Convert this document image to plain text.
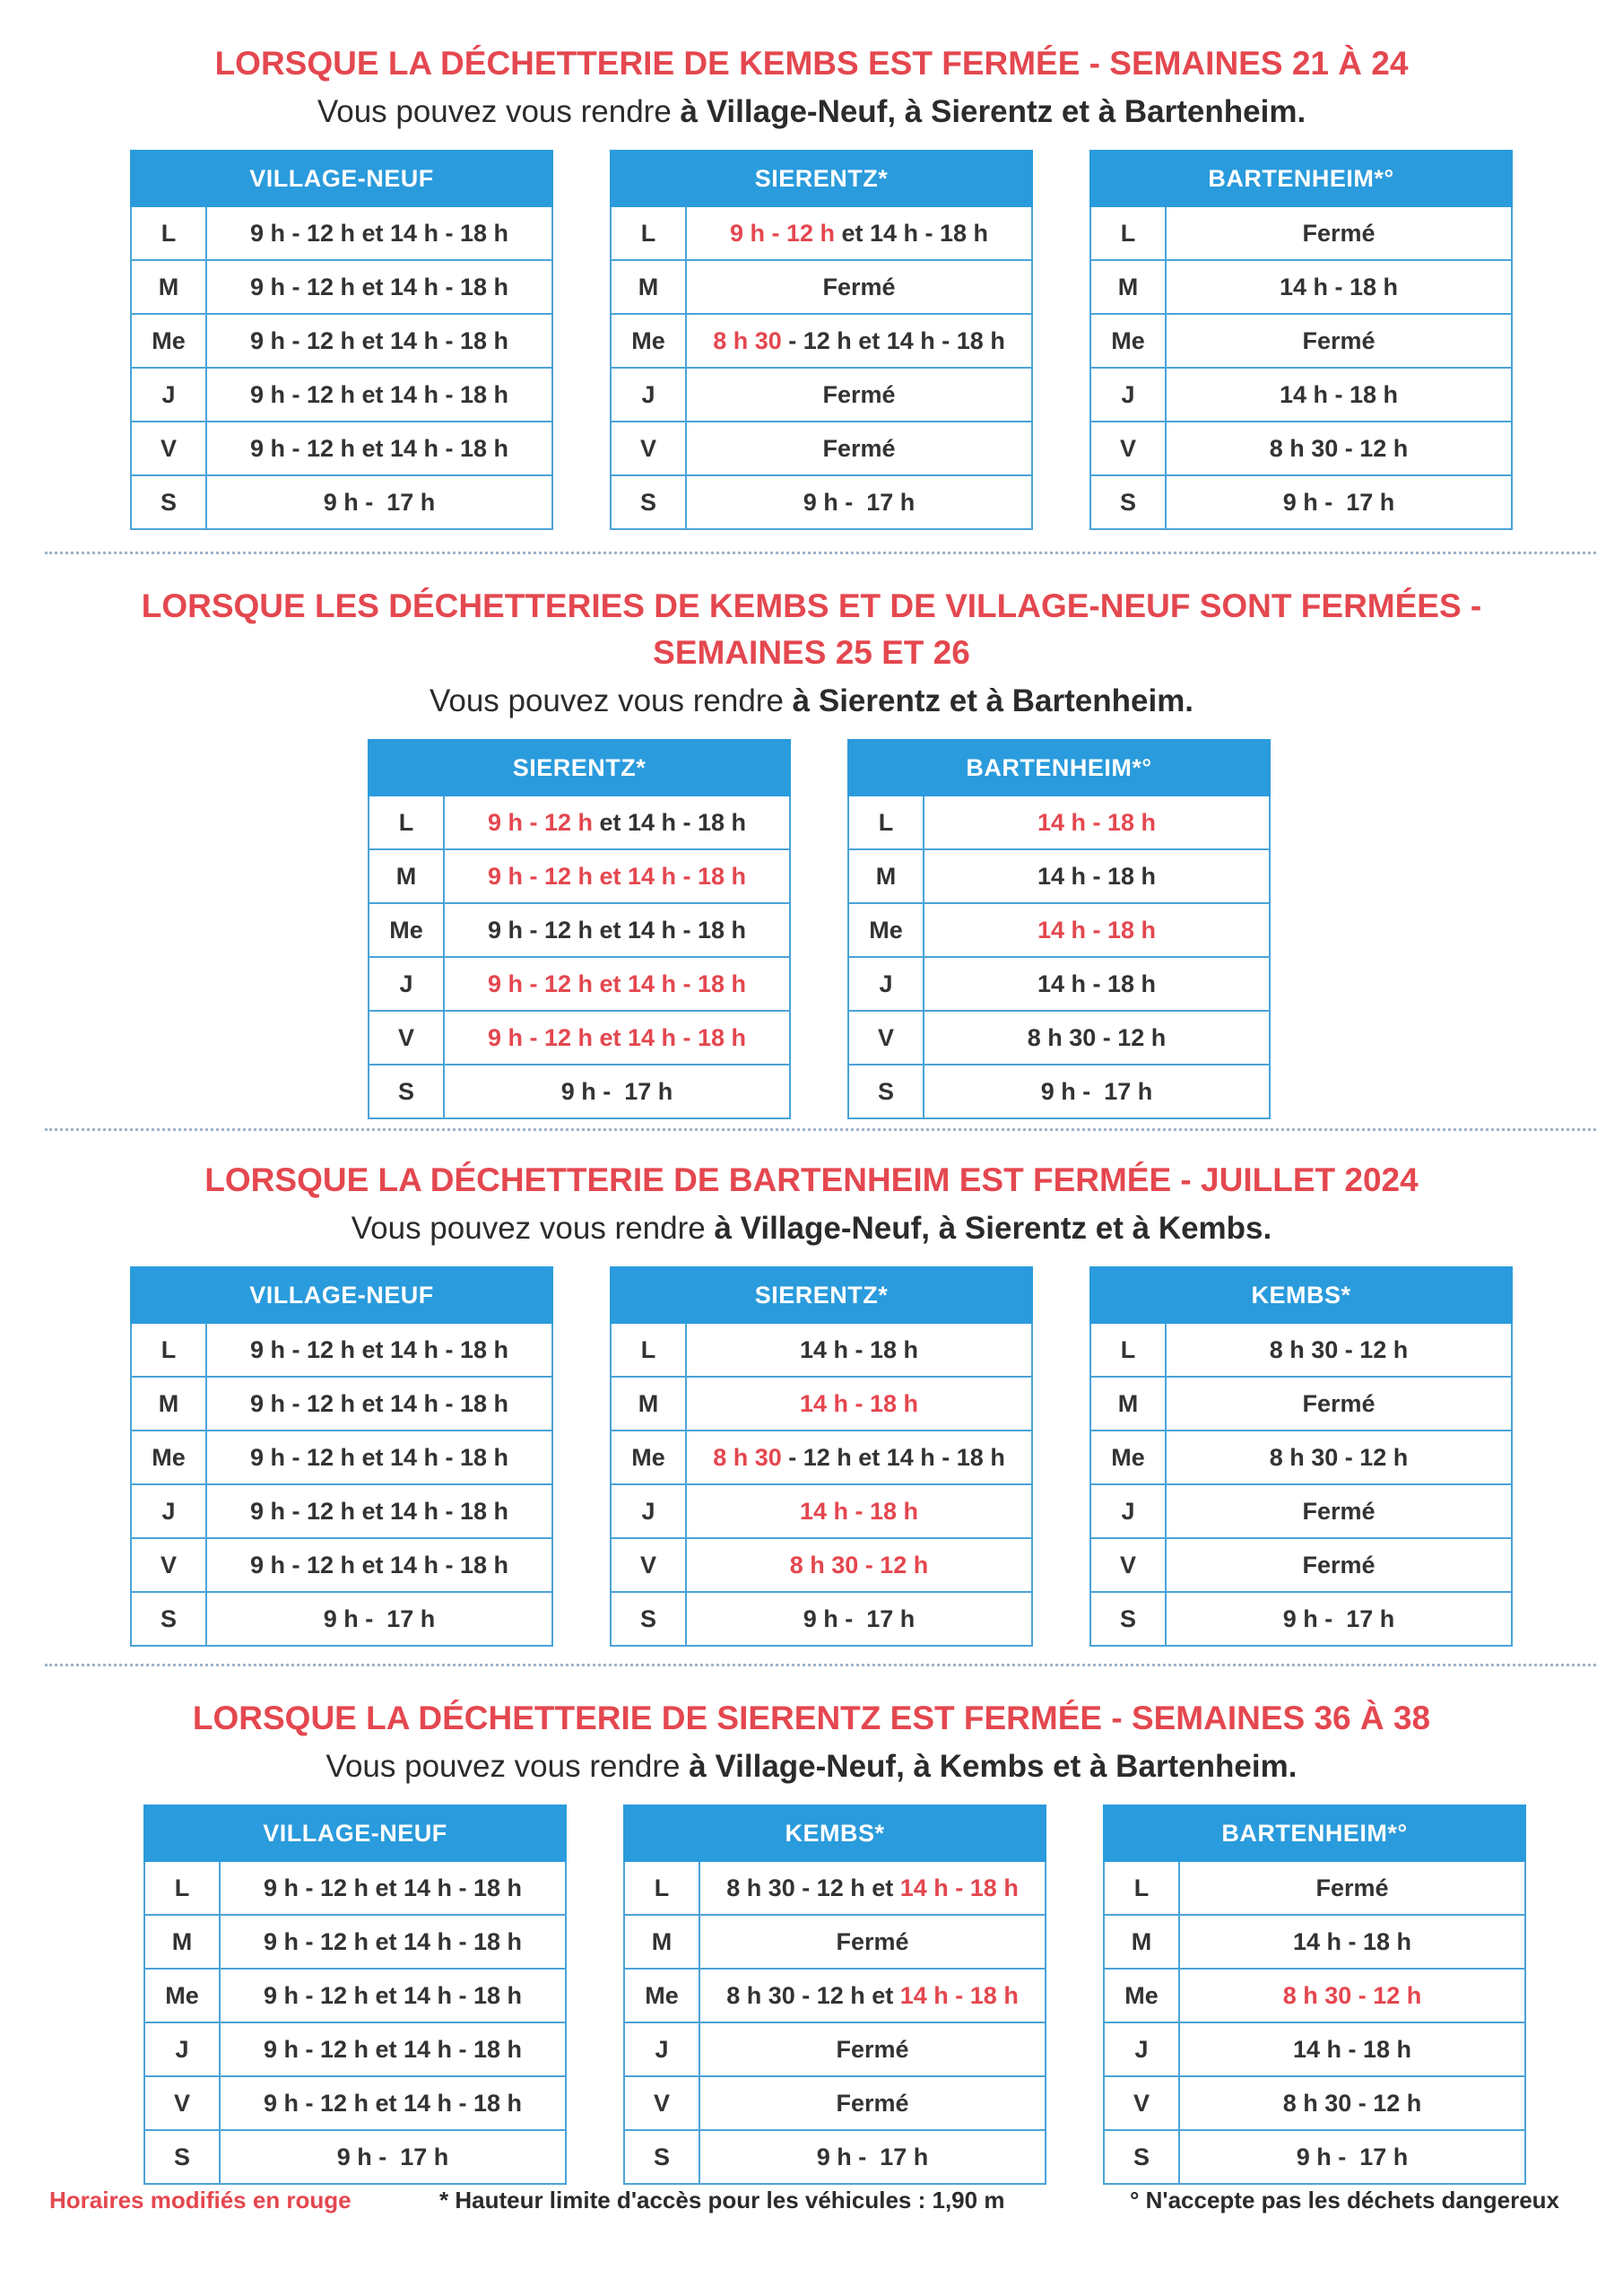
LORSQUE LA DÉCHETTERIE DE KEMBS EST FERMÉE - SEMAINES 21 À 24

Vous pouvez vous rendre à Village-Neuf, à Sierentz et à Bartenheim.

VILLAGE-NEUF	
L	9 h - 12 h et 14 h - 18 h
M	9 h - 12 h et 14 h - 18 h
Me	9 h - 12 h et 14 h - 18 h
J	9 h - 12 h et 14 h - 18 h
V	9 h - 12 h et 14 h - 18 h
S	9 h -  17 h
SIERENTZ*	
L	9 h - 12 h et 14 h - 18 h
M	Fermé
Me	8 h 30 - 12 h et 14 h - 18 h
J	Fermé
V	Fermé
S	9 h -  17 h
BARTENHEIM*°	
L	Fermé
M	14 h - 18 h
Me	Fermé
J	14 h - 18 h
V	8 h 30 - 12 h
S	9 h -  17 h

LORSQUE LES DÉCHETTERIES DE KEMBS ET DE VILLAGE-NEUF SONT FERMÉES -

SEMAINES 25 ET 26

Vous pouvez vous rendre à Sierentz et à Bartenheim.

SIERENTZ*	
L	9 h - 12 h et 14 h - 18 h
M	9 h - 12 h et 14 h - 18 h
Me	9 h - 12 h et 14 h - 18 h
J	9 h - 12 h et 14 h - 18 h
V	9 h - 12 h et 14 h - 18 h
S	9 h -  17 h
BARTENHEIM*°	
L	14 h - 18 h
M	14 h - 18 h
Me	14 h - 18 h
J	14 h - 18 h
V	8 h 30 - 12 h
S	9 h -  17 h

LORSQUE LA DÉCHETTERIE DE BARTENHEIM EST FERMÉE - JUILLET 2024

Vous pouvez vous rendre à Village-Neuf, à Sierentz et à Kembs.

VILLAGE-NEUF	
L	9 h - 12 h et 14 h - 18 h
M	9 h - 12 h et 14 h - 18 h
Me	9 h - 12 h et 14 h - 18 h
J	9 h - 12 h et 14 h - 18 h
V	9 h - 12 h et 14 h - 18 h
S	9 h -  17 h
SIERENTZ*	
L	14 h - 18 h
M	14 h - 18 h
Me	8 h 30 - 12 h et 14 h - 18 h
J	14 h - 18 h
V	8 h 30 - 12 h
S	9 h -  17 h
KEMBS*	
L	8 h 30 - 12 h
M	Fermé
Me	8 h 30 - 12 h
J	Fermé
V	Fermé
S	9 h -  17 h

LORSQUE LA DÉCHETTERIE DE SIERENTZ EST FERMÉE - SEMAINES 36 À 38

Vous pouvez vous rendre à Village-Neuf, à Kembs et à Bartenheim.

VILLAGE-NEUF	
L	9 h - 12 h et 14 h - 18 h
M	9 h - 12 h et 14 h - 18 h
Me	9 h - 12 h et 14 h - 18 h
J	9 h - 12 h et 14 h - 18 h
V	9 h - 12 h et 14 h - 18 h
S	9 h -  17 h
KEMBS*	
L	8 h 30 - 12 h et 14 h - 18 h
M	Fermé
Me	8 h 30 - 12 h et 14 h - 18 h
J	Fermé
V	Fermé
S	9 h -  17 h
BARTENHEIM*°	
L	Fermé
M	14 h - 18 h
Me	8 h 30 - 12 h
J	14 h - 18 h
V	8 h 30 - 12 h
S	9 h -  17 h
Horaires modifiés en rouge	* Hauteur limite d'accès pour les véhicules : 1,90 m	° N'accepte pas les déchets dangereux
